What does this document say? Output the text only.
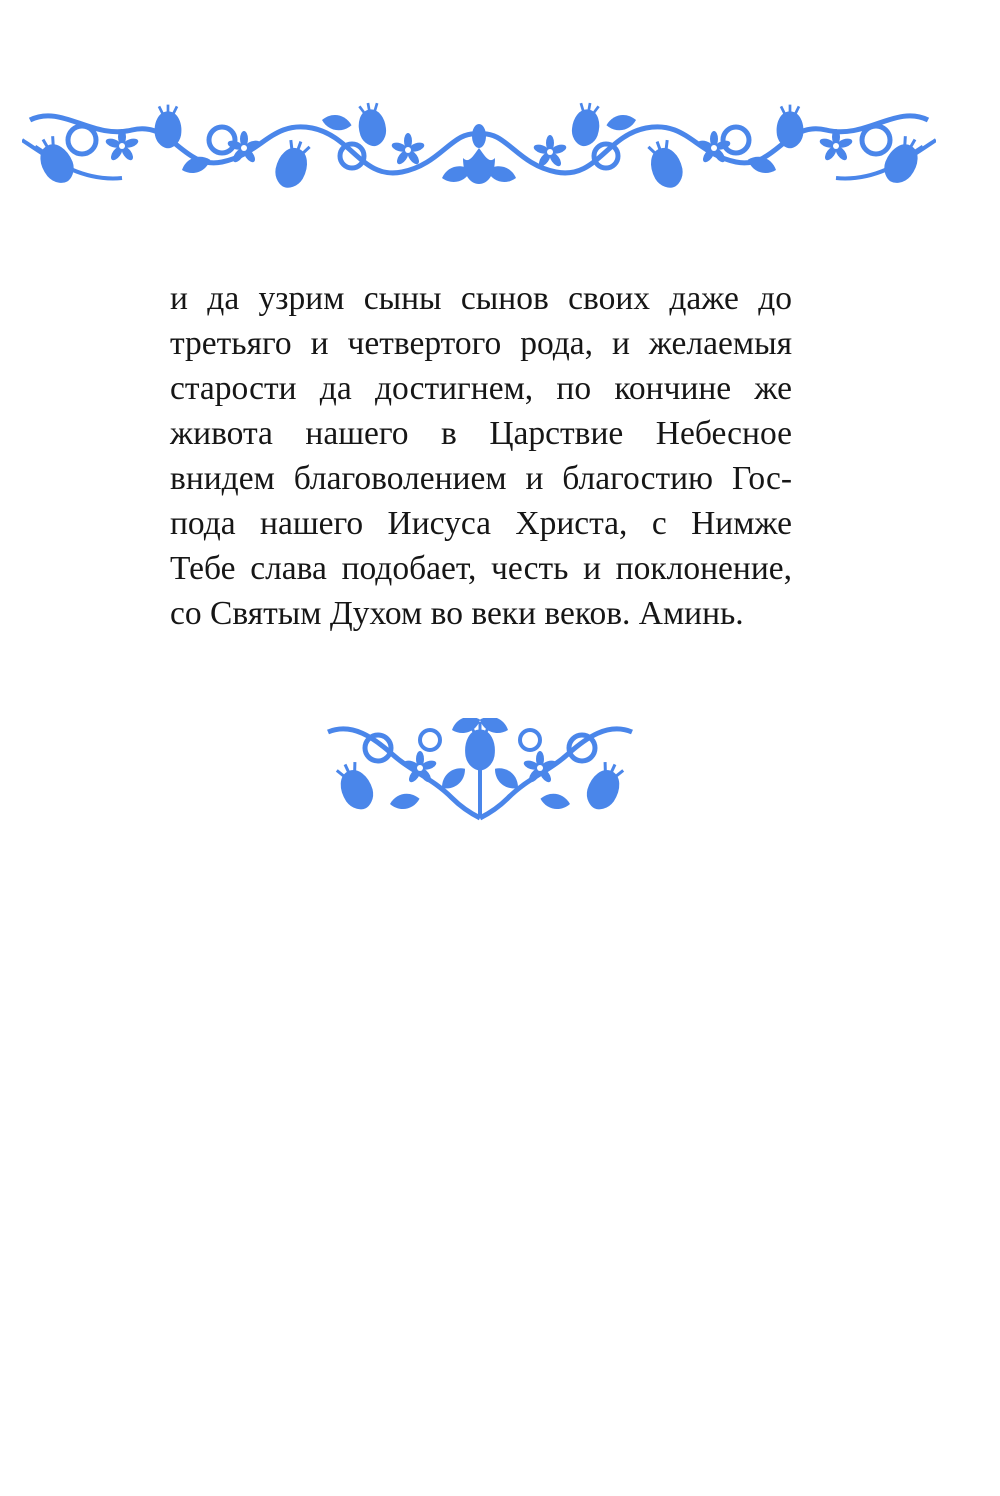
и да узрим сыны сынов своих даже до
третьяго и четвертого рода, и желаемыя
старости да достигнем, по кончине же
живота нашего в Царствие Небесное
внидем благоволением и благостию Гос-
пода нашего Иисуса Христа, с Нимже
Тебе слава подобает, честь и поклонение,
со Святым Духом во веки веков. Аминь.
